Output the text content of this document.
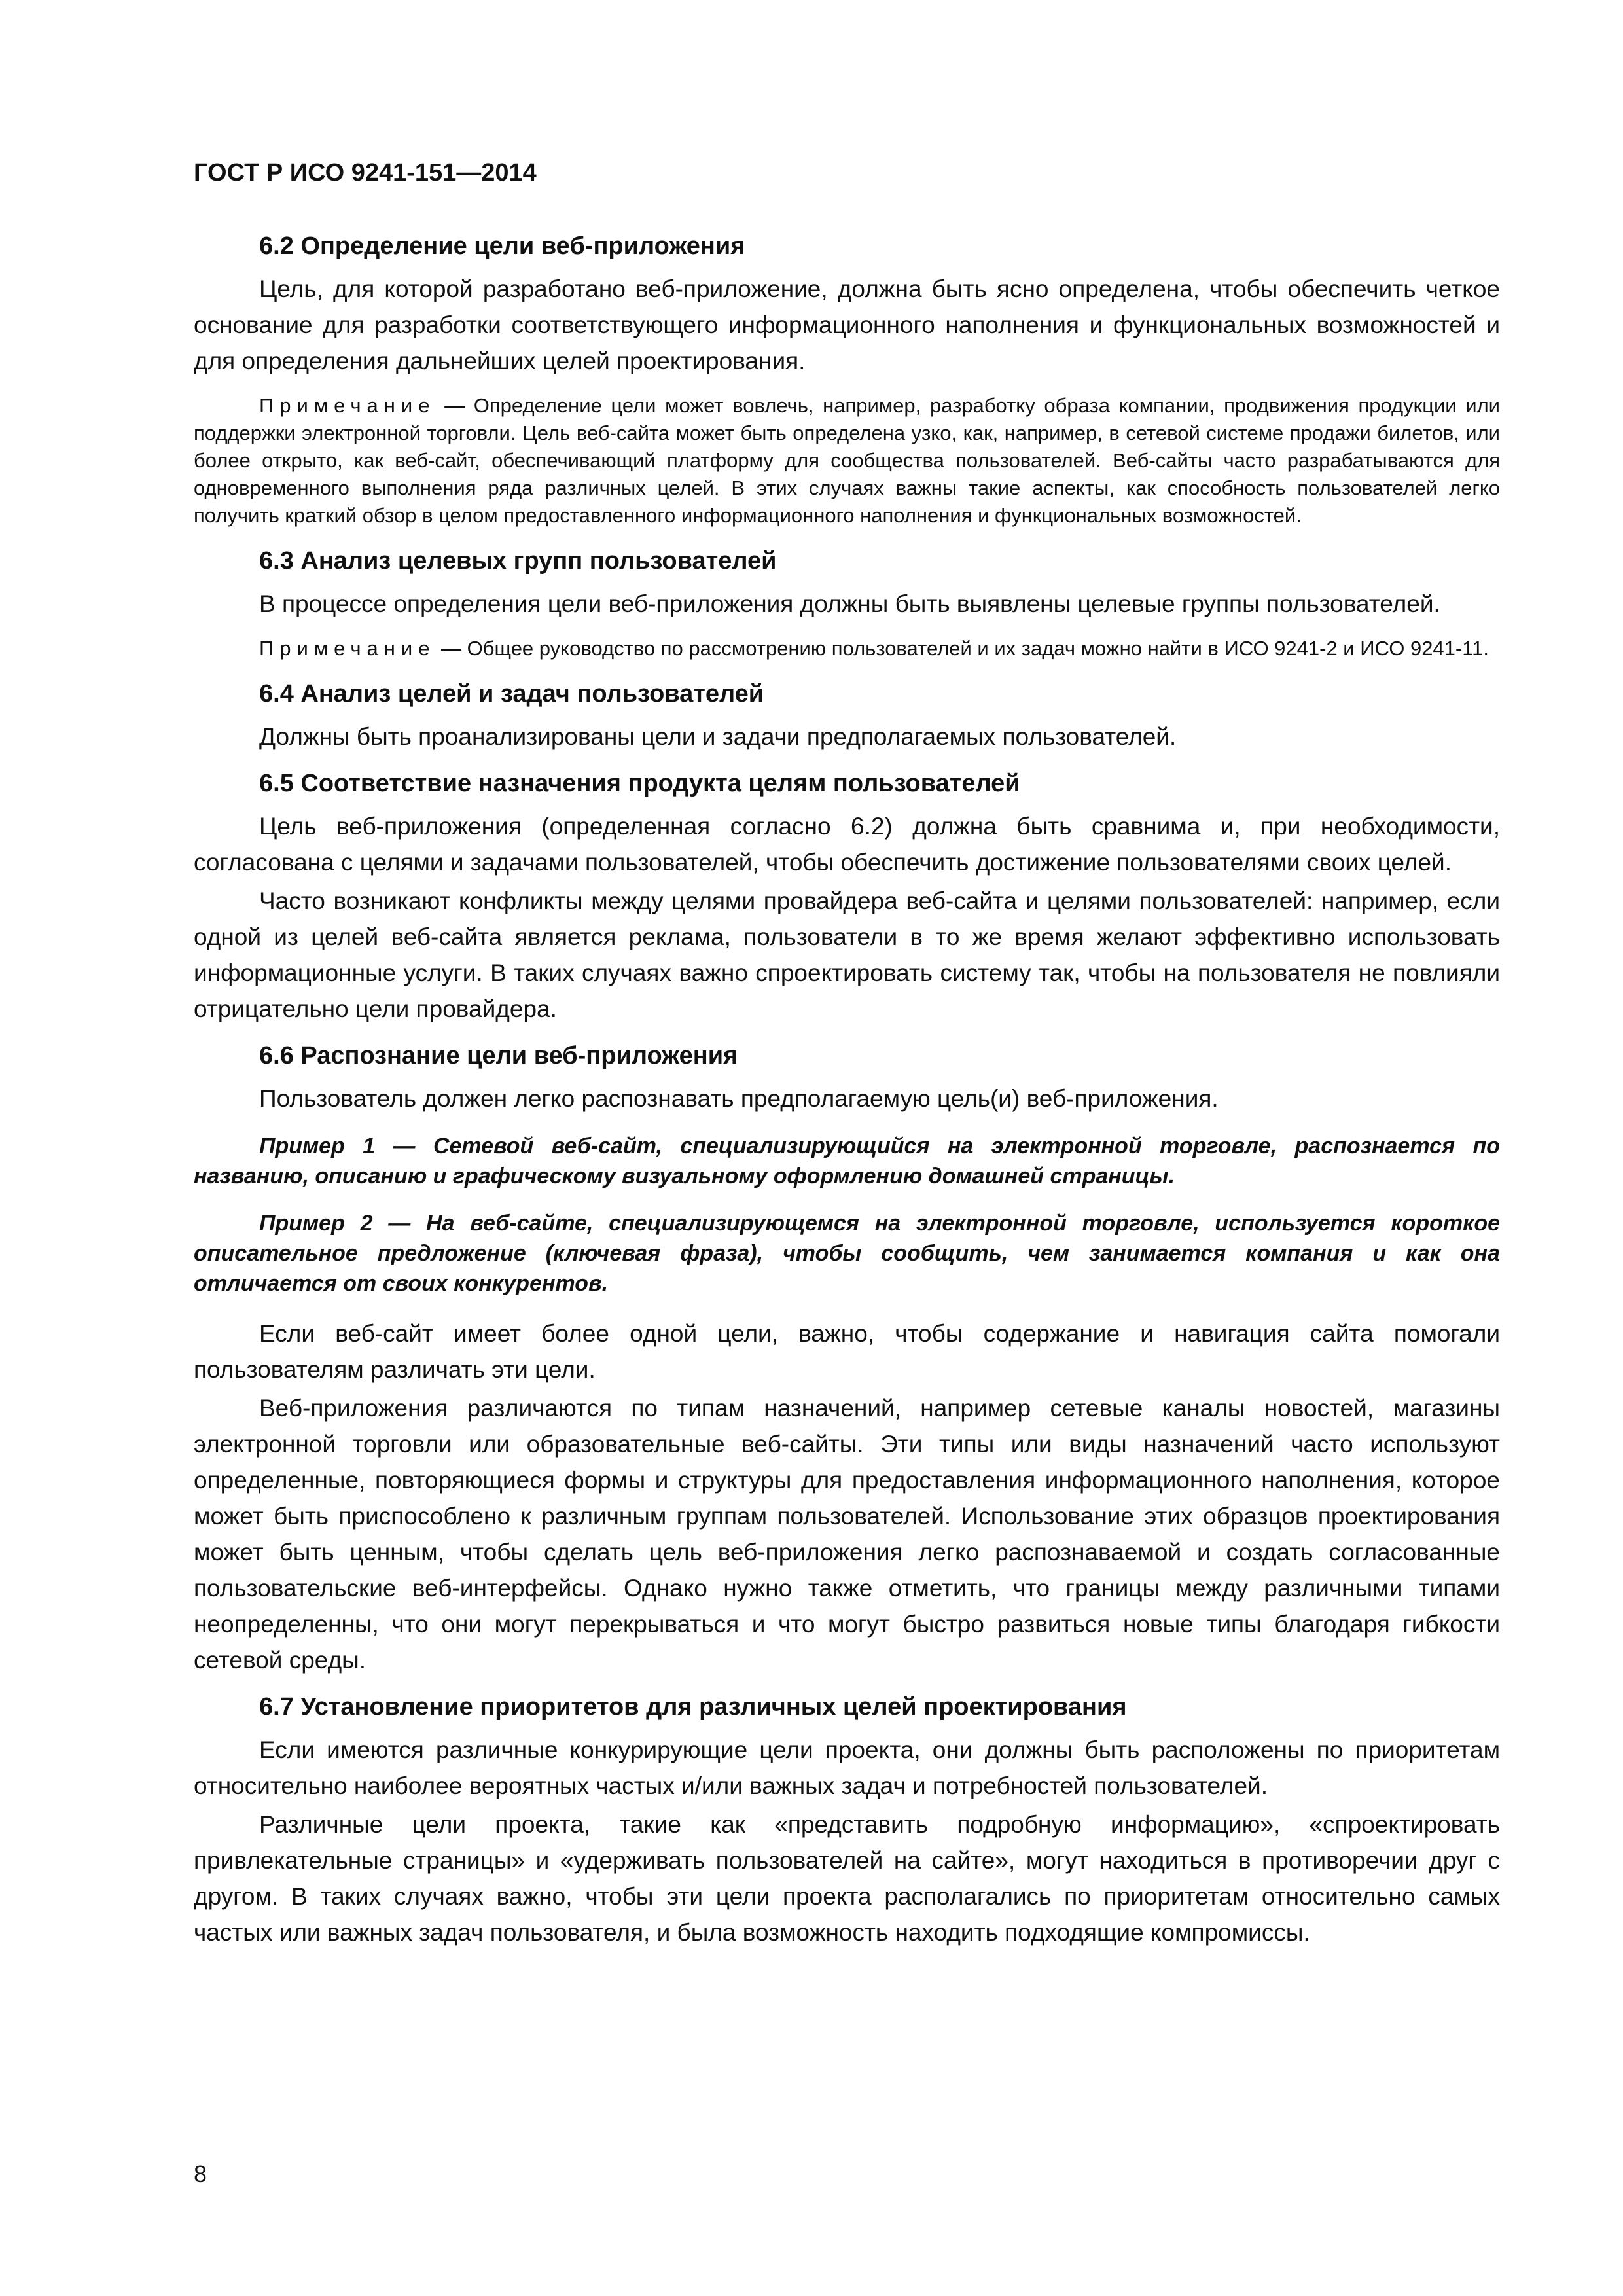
ГОСТ Р ИСО 9241-151—2014
6.2 Определение цели веб-приложения

Цель, для которой разработано веб-приложение, должна быть ясно определена, чтобы обеспечить четкое основание для разработки соответствующего информационного наполнения и функциональных возможностей и для определения дальнейших целей проектирования.

Примечание — Определение цели может вовлечь, например, разработку образа компании, продвижения продукции или поддержки электронной торговли. Цель веб-сайта может быть определена узко, как, например, в сетевой системе продажи билетов, или более открыто, как веб-сайт, обеспечивающий платформу для сообщества пользователей. Веб-сайты часто разрабатываются для одновременного выполнения ряда различных целей. В этих случаях важны такие аспекты, как способность пользователей легко получить краткий обзор в целом предоставленного информационного наполнения и функциональных возможностей.

6.3 Анализ целевых групп пользователей

В процессе определения цели веб-приложения должны быть выявлены целевые группы пользователей.

Примечание — Общее руководство по рассмотрению пользователей и их задач можно найти в ИСО 9241-2 и ИСО 9241-11.

6.4 Анализ целей и задач пользователей

Должны быть проанализированы цели и задачи предполагаемых пользователей.

6.5 Соответствие назначения продукта целям пользователей

Цель веб-приложения (определенная согласно 6.2) должна быть сравнима и, при необходимости, согласована с целями и задачами пользователей, чтобы обеспечить достижение пользователями своих целей.

Часто возникают конфликты между целями провайдера веб-сайта и целями пользователей: например, если одной из целей веб-сайта является реклама, пользователи в то же время желают эффективно использовать информационные услуги. В таких случаях важно спроектировать систему так, чтобы на пользователя не повлияли отрицательно цели провайдера.

6.6 Распознание цели веб-приложения

Пользователь должен легко распознавать предполагаемую цель(и) веб-приложения.

Пример 1 — Сетевой веб-сайт, специализирующийся на электронной торговле, распознается по названию, описанию и графическому визуальному оформлению домашней страницы.

Пример 2 — На веб-сайте, специализирующемся на электронной торговле, используется короткое описательное предложение (ключевая фраза), чтобы сообщить, чем занимается компания и как она отличается от своих конкурентов.

Если веб-сайт имеет более одной цели, важно, чтобы содержание и навигация сайта помогали пользователям различать эти цели.

Веб-приложения различаются по типам назначений, например сетевые каналы новостей, магазины электронной торговли или образовательные веб-сайты. Эти типы или виды назначений часто используют определенные, повторяющиеся формы и структуры для предоставления информационного наполнения, которое может быть приспособлено к различным группам пользователей. Использование этих образцов проектирования может быть ценным, чтобы сделать цель веб-приложения легко распознаваемой и создать согласованные пользовательские веб-интерфейсы. Однако нужно также отметить, что границы между различными типами неопределенны, что они могут перекрываться и что могут быстро развиться новые типы благодаря гибкости сетевой среды.

6.7 Установление приоритетов для различных целей проектирования

Если имеются различные конкурирующие цели проекта, они должны быть расположены по приоритетам относительно наиболее вероятных частых и/или важных задач и потребностей пользователей.

Различные цели проекта, такие как «представить подробную информацию», «спроектировать привлекательные страницы» и «удерживать пользователей на сайте», могут находиться в противоречии друг с другом. В таких случаях важно, чтобы эти цели проекта располагались по приоритетам относительно самых частых или важных задач пользователя, и была возможность находить подходящие компромиссы.

8
